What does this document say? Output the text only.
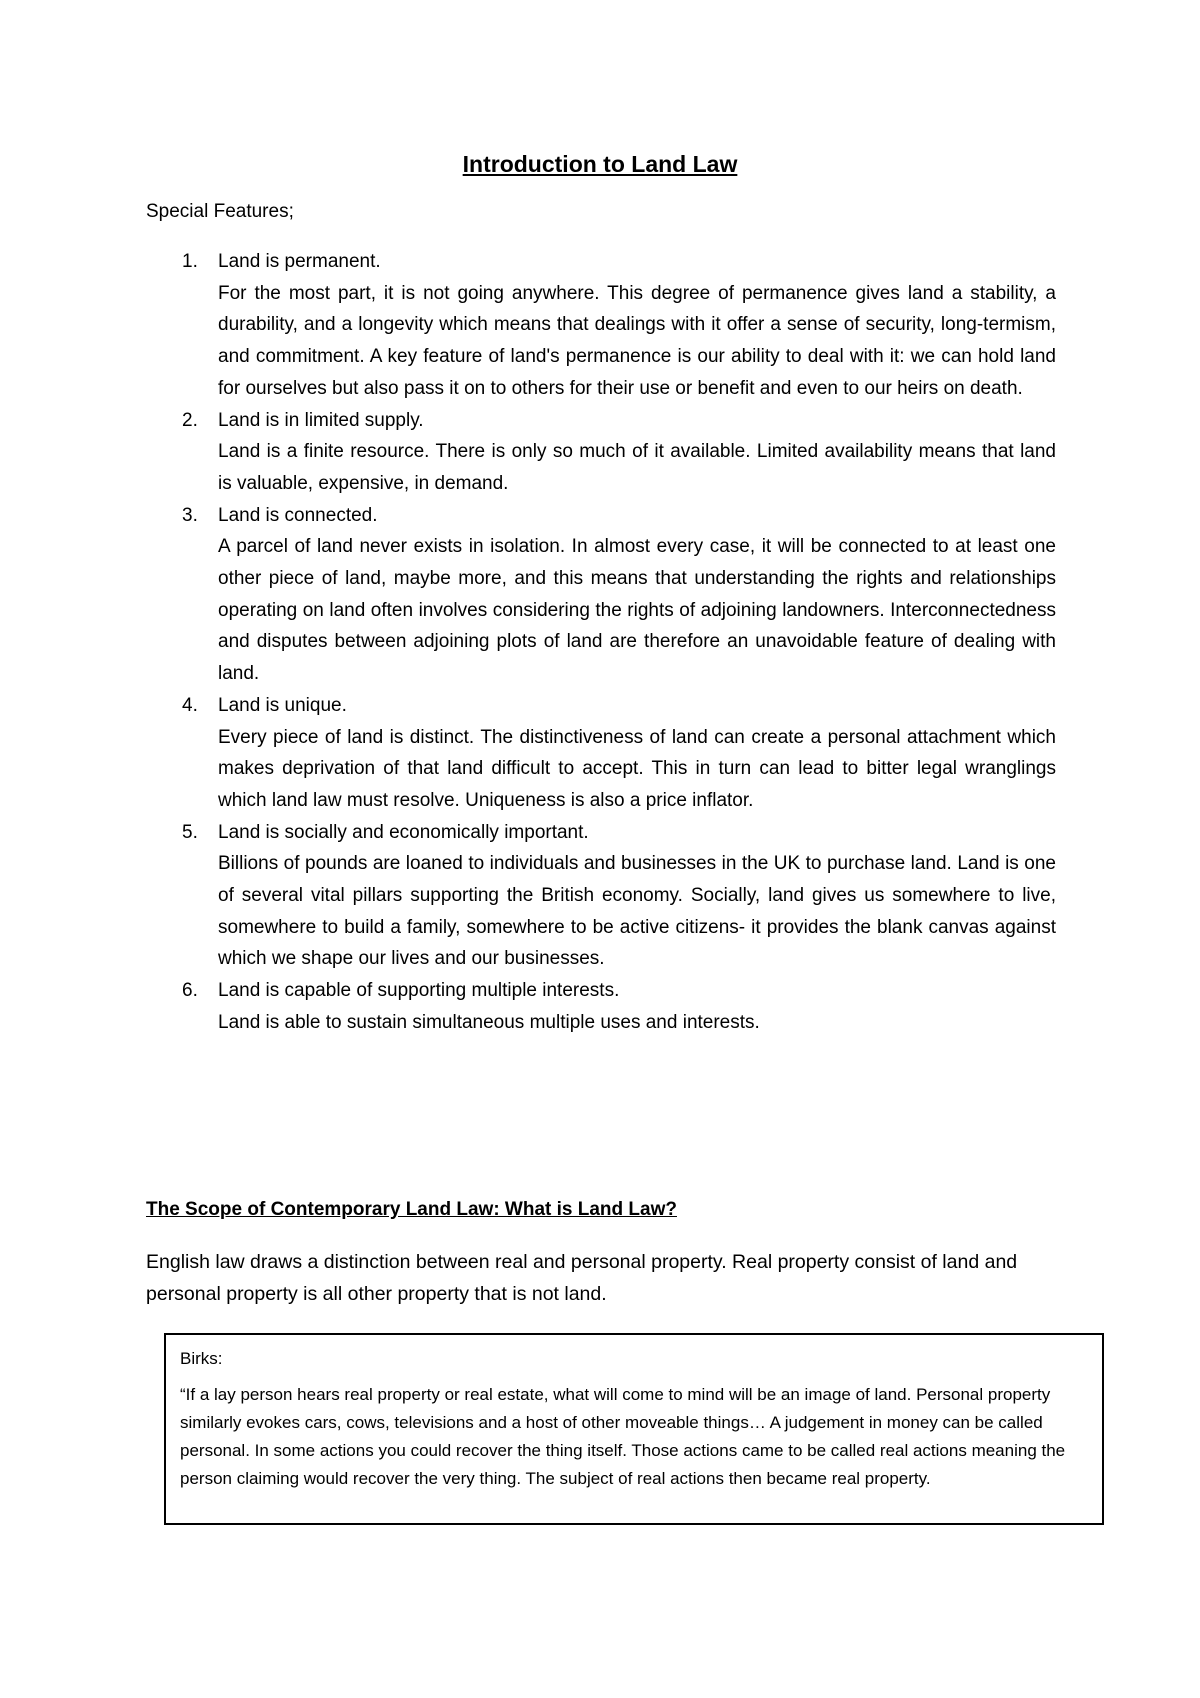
Introduction to Land Law
Special Features;
1. Land is permanent.
For the most part, it is not going anywhere. This degree of permanence gives land a stability, a durability, and a longevity which means that dealings with it offer a sense of security, long-termism, and commitment. A key feature of land's permanence is our ability to deal with it: we can hold land for ourselves but also pass it on to others for their use or benefit and even to our heirs on death.
2. Land is in limited supply.
Land is a finite resource. There is only so much of it available. Limited availability means that land is valuable, expensive, in demand.
3. Land is connected.
A parcel of land never exists in isolation. In almost every case, it will be connected to at least one other piece of land, maybe more, and this means that understanding the rights and relationships operating on land often involves considering the rights of adjoining landowners. Interconnectedness and disputes between adjoining plots of land are therefore an unavoidable feature of dealing with land.
4. Land is unique.
Every piece of land is distinct. The distinctiveness of land can create a personal attachment which makes deprivation of that land difficult to accept. This in turn can lead to bitter legal wranglings which land law must resolve. Uniqueness is also a price inflator.
5. Land is socially and economically important.
Billions of pounds are loaned to individuals and businesses in the UK to purchase land. Land is one of several vital pillars supporting the British economy. Socially, land gives us somewhere to live, somewhere to build a family, somewhere to be active citizens- it provides the blank canvas against which we shape our lives and our businesses.
6. Land is capable of supporting multiple interests.
Land is able to sustain simultaneous multiple uses and interests.
The Scope of Contemporary Land Law: What is Land Law?
English law draws a distinction between real and personal property. Real property consist of land and personal property is all other property that is not land.
Birks:
“If a lay person hears real property or real estate, what will come to mind will be an image of land. Personal property similarly evokes cars, cows, televisions and a host of other moveable things… A judgement in money can be called personal. In some actions you could recover the thing itself. Those actions came to be called real actions meaning the person claiming would recover the very thing. The subject of real actions then became real property.
